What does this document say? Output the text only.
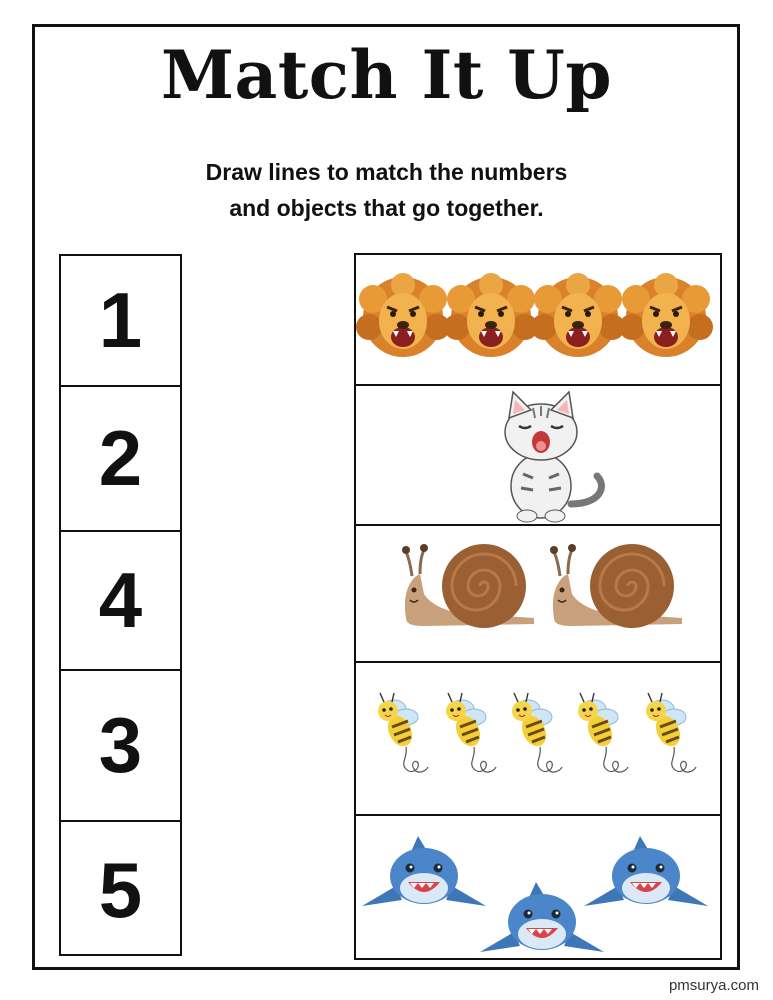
Match It Up
Draw lines to match the numbers
and objects that go together.
1
2
4
3
5
pmsurya.com
